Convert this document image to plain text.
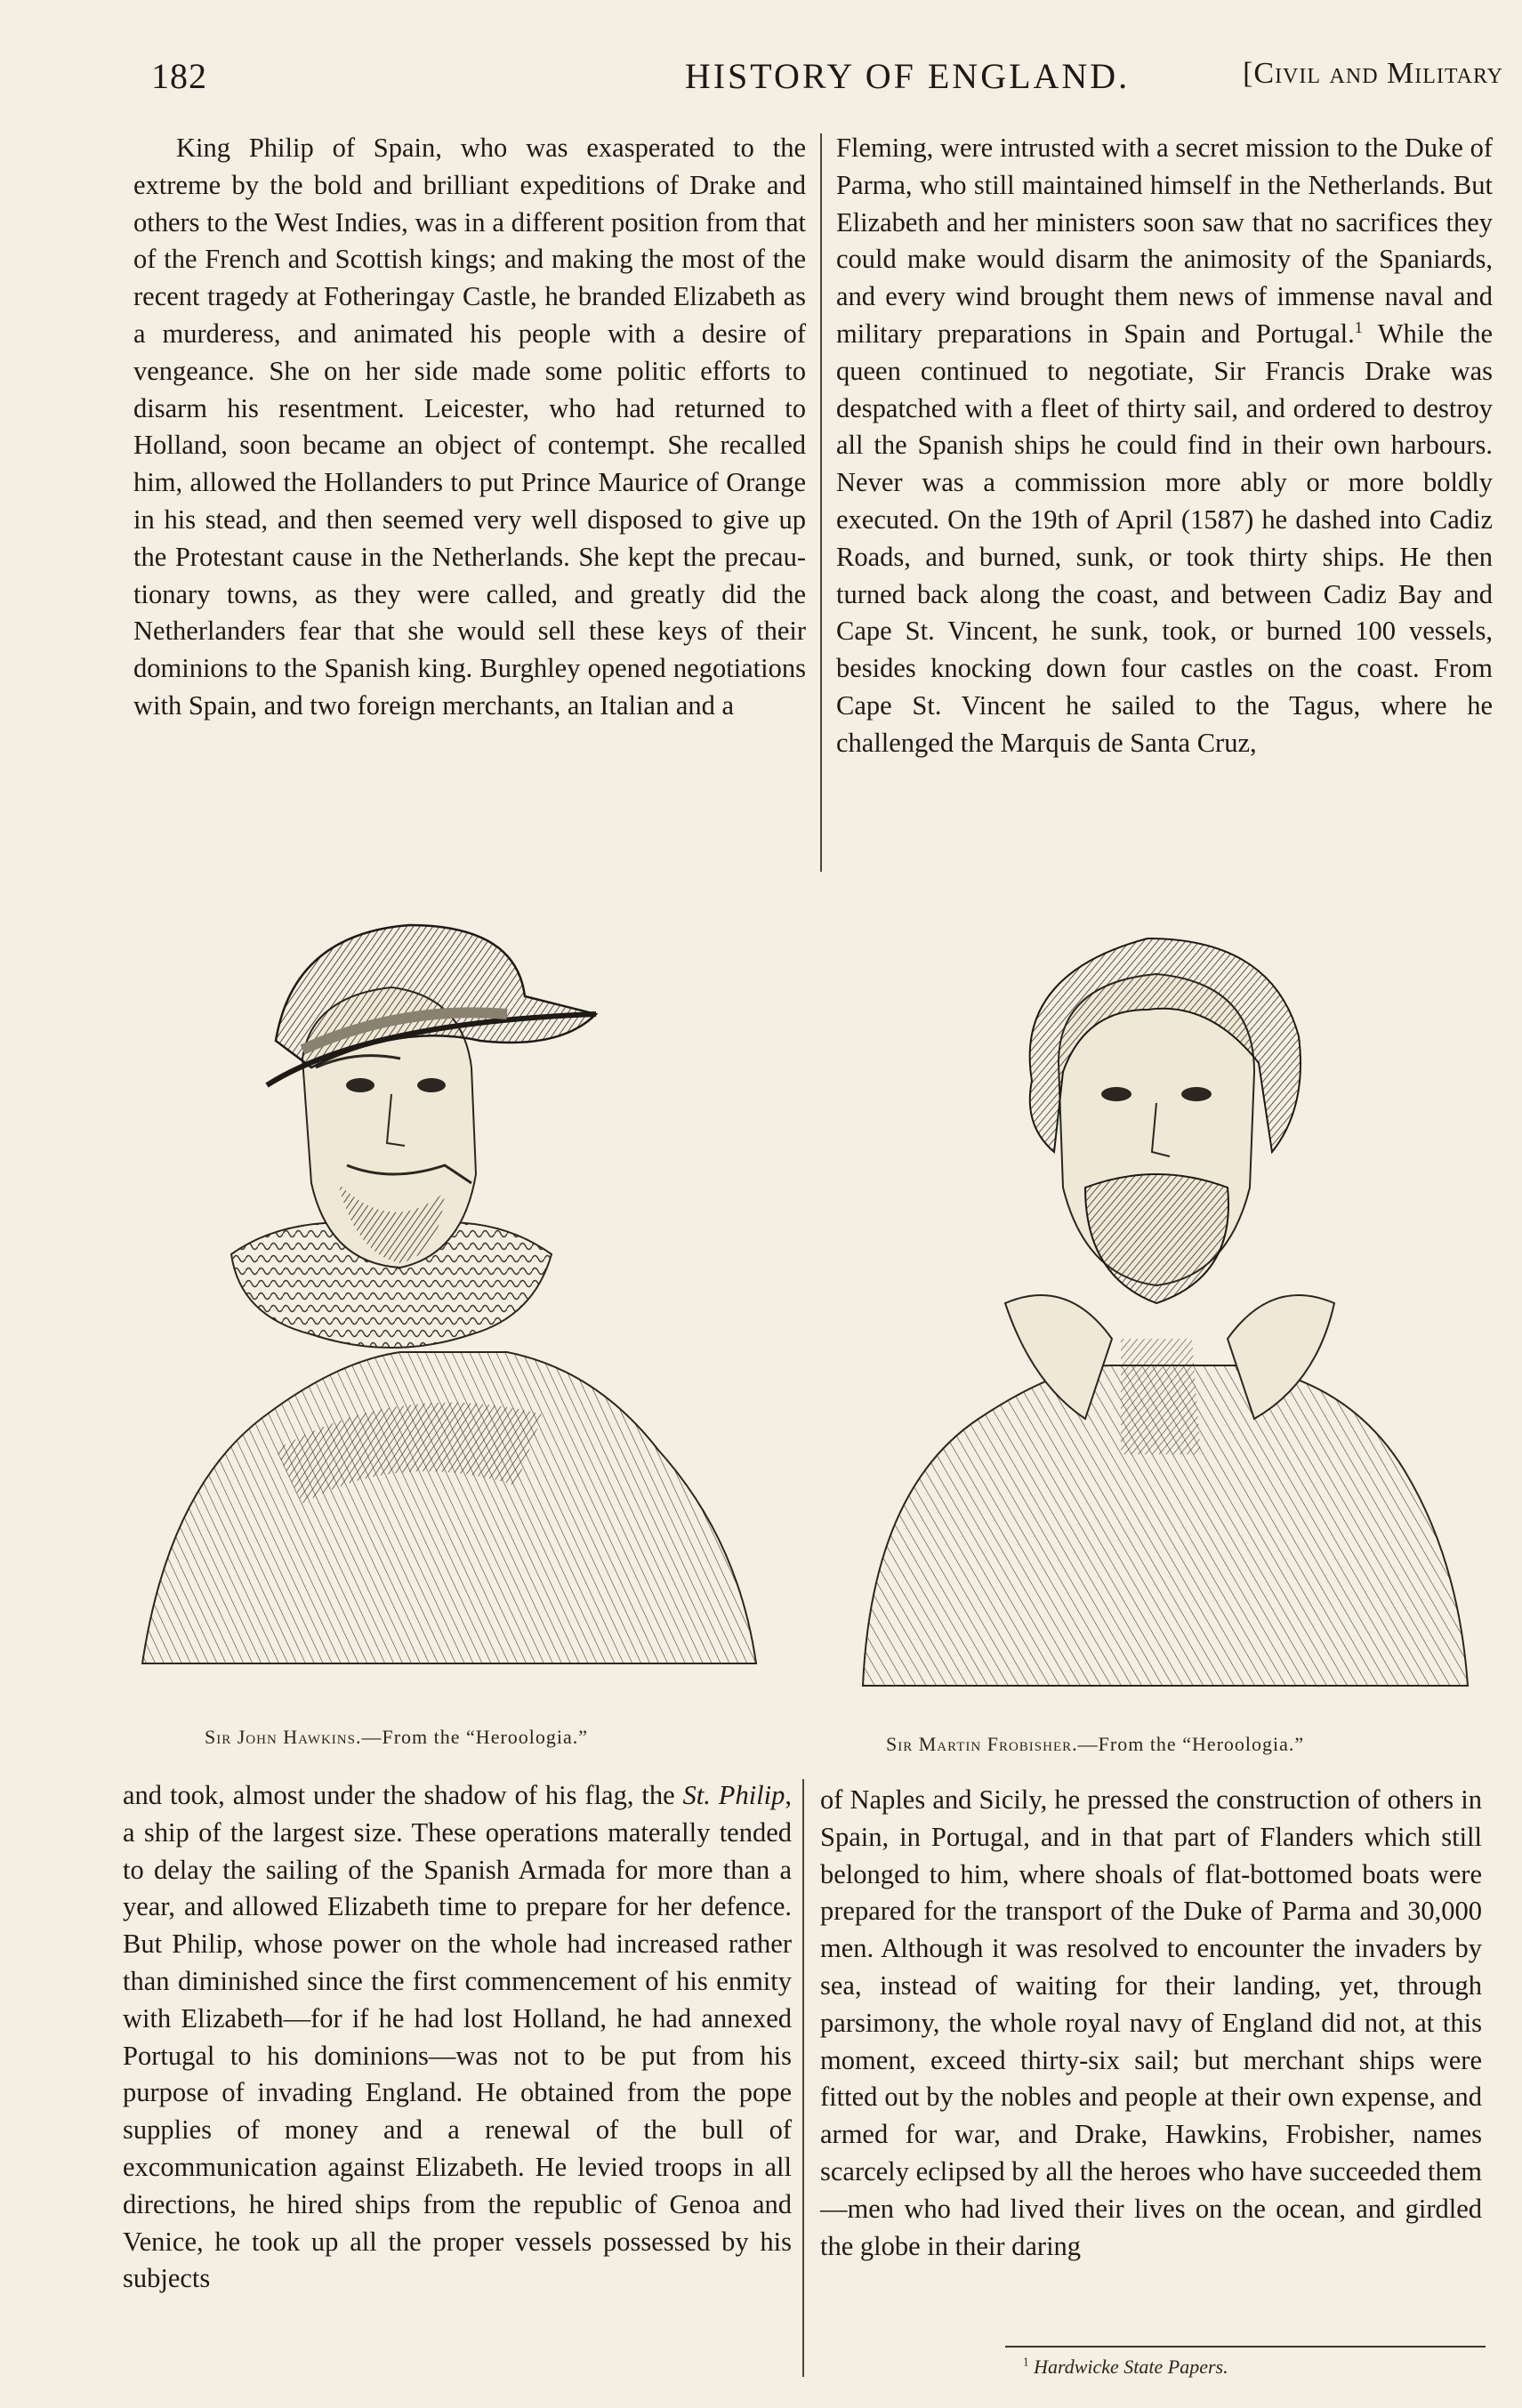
182	HISTORY OF ENGLAND.	[Civil and Military

King Philip of Spain, who was exasperated to the extreme by the bold and brilliant expeditions of Drake and others to the West Indies, was in a different position from that of the French and Scottish kings; and making the most of the recent tragedy at Fotheringay Castle, he branded Elizabeth as a murderess, and animated his people with a desire of vengeance. She on her side made some politic efforts to disarm his resentment. Leicester, who had returned to Holland, soon became an object of contempt. She recalled him, allowed the Hollanders to put Prince Maurice of Orange in his stead, and then seemed very well disposed to give up the Protestant cause in the Netherlands. She kept the precautionary towns, as they were called, and greatly did the Netherlanders fear that she would sell these keys of their dominions to the Spanish king. Burghley opened negotiations with Spain, and two foreign merchants, an Italian and a

Fleming, were intrusted with a secret mission to the Duke of Parma, who still maintained himself in the Netherlands. But Elizabeth and her ministers soon saw that no sacrifices they could make would disarm the animosity of the Spaniards, and every wind brought them news of immense naval and military preparations in Spain and Portugal.$^1$ While the queen continued to negotiate, Sir Francis Drake was despatched with a fleet of thirty sail, and ordered to destroy all the Spanish ships he could find in their own harbours. Never was a commission more ably or more boldly executed. On the 19th of April (1587) he dashed into Cadiz Roads, and burned, sunk, or took thirty ships. He then turned back along the coast, and between Cadiz Bay and Cape St. Vincent, he sunk, took, or burned 100 vessels, besides knocking down four castles on the coast. From Cape St. Vincent he sailed to the Tagus, where he challenged the Marquis de Santa Cruz,

Sir John Hawkins.—From the “Heroologia.”	Sir Martin Frobisher.—From the “Heroologia.”

and took, almost under the shadow of his flag, the St. Philip, a ship of the largest size. These operations materally tended to delay the sailing of the Spanish Armada for more than a year, and allowed Elizabeth time to prepare for her defence. But Philip, whose power on the whole had increased rather than diminished since the first commencement of his enmity with Elizabeth—for if he had lost Holland, he had annexed Portugal to his dominions—was not to be put from his purpose of invading England. He obtained from the pope supplies of money and a renewal of the bull of excommunication against Elizabeth. He levied troops in all directions, he hired ships from the republic of Genoa and Venice, he took up all the proper vessels possessed by his subjects

of Naples and Sicily, he pressed the construction of others in Spain, in Portugal, and in that part of Flanders which still belonged to him, where shoals of flat-bottomed boats were prepared for the transport of the Duke of Parma and 30,000 men. Although it was resolved to encounter the invaders by sea, instead of waiting for their landing, yet, through parsimony, the whole royal navy of England did not, at this moment, exceed thirty-six sail; but merchant ships were fitted out by the nobles and people at their own expense, and armed for war, and Drake, Hawkins, Frobisher, names scarcely eclipsed by all the heroes who have succeeded them—men who had lived their lives on the ocean, and girdled the globe in their daring

$^1$ Hardwicke State Papers.
